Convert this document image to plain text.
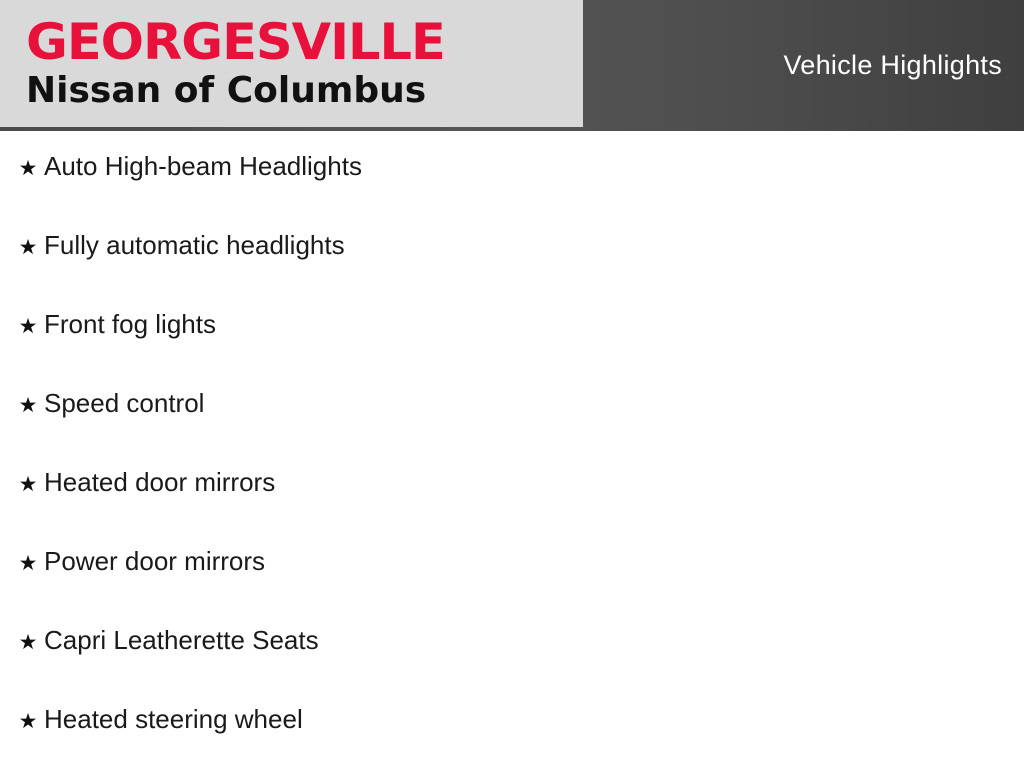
GEORGESVILLE
Nissan of Columbus
Vehicle Highlights
★ Auto High-beam Headlights
★ Fully automatic headlights
★ Front fog lights
★ Speed control
★ Heated door mirrors
★ Power door mirrors
★ Capri Leatherette Seats
★ Heated steering wheel
